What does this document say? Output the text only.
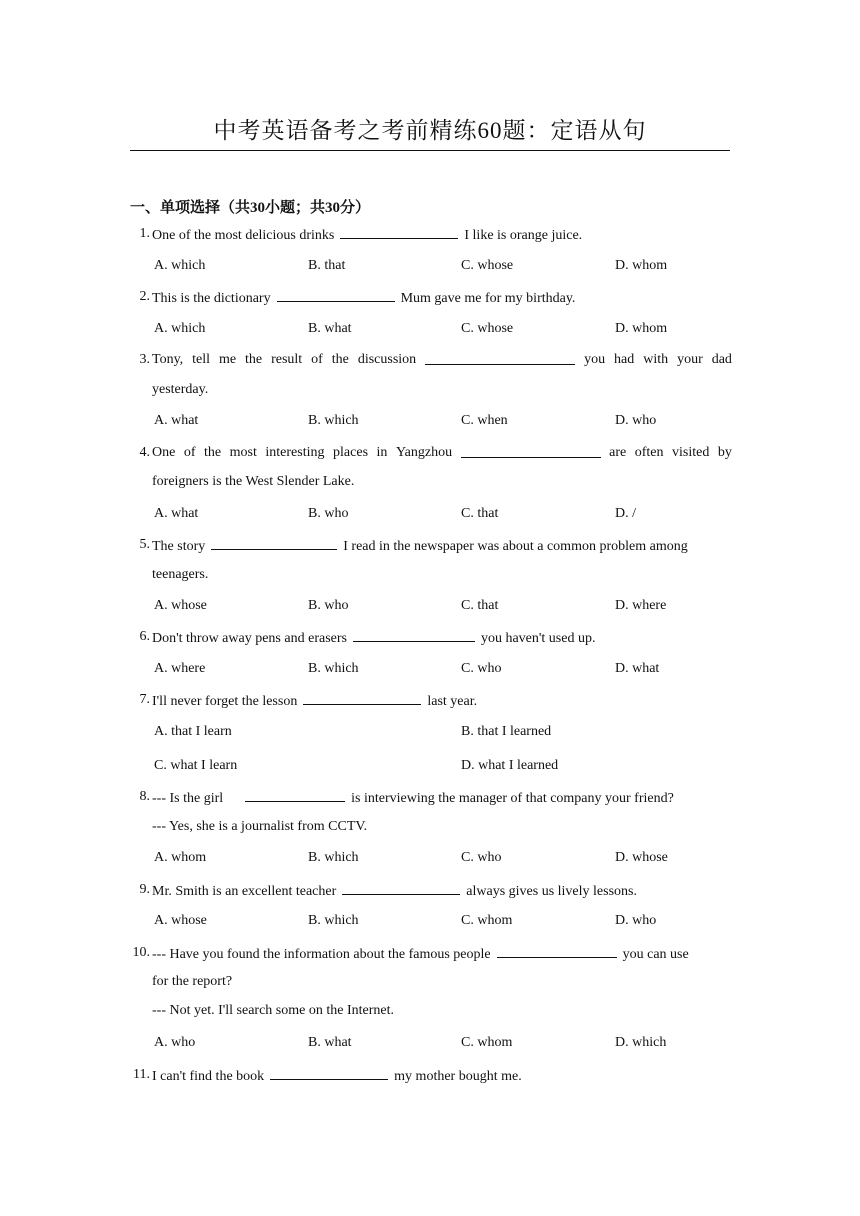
中考英语备考之考前精练60题：定语从句
一、单项选择（共30小题；共30分）
1. One of the most delicious drinks	I like is orange juice.
A. which	B. that	C. whose	D. whom
2. This is the dictionary	Mum gave me for my birthday.
A. which	B. what	C. whose	D. whom
3. Tony, tell me the result of the discussion	you had with your dad
yesterday.
A. what	B. which	C. when	D. who
4. One of the most interesting places in Yangzhou	are often visited by
foreigners is the West Slender Lake.
A. what	B. who	C. that	D. /
5. The story	I read in the newspaper was about a common problem among
teenagers.
A. whose	B. who	C. that	D. where
6. Don't throw away pens and erasers	you haven't used up.
A. where	B. which	C. who	D. what
7. I'll never forget the lesson	last year.
A. that I learn	B. that I learned
C. what I learn	D. what I learned
8. --- Is the girl	is interviewing the manager of that company your friend?
--- Yes, she is a journalist from CCTV.
A. whom	B. which	C. who	D. whose
9. Mr. Smith is an excellent teacher	always gives us lively lessons.
A. whose	B. which	C. whom	D. who
10. --- Have you found the information about the famous people	you can use
for the report?
--- Not yet. I'll search some on the Internet.
A. who	B. what	C. whom	D. which
11. I can't find the book	my mother bought me.
